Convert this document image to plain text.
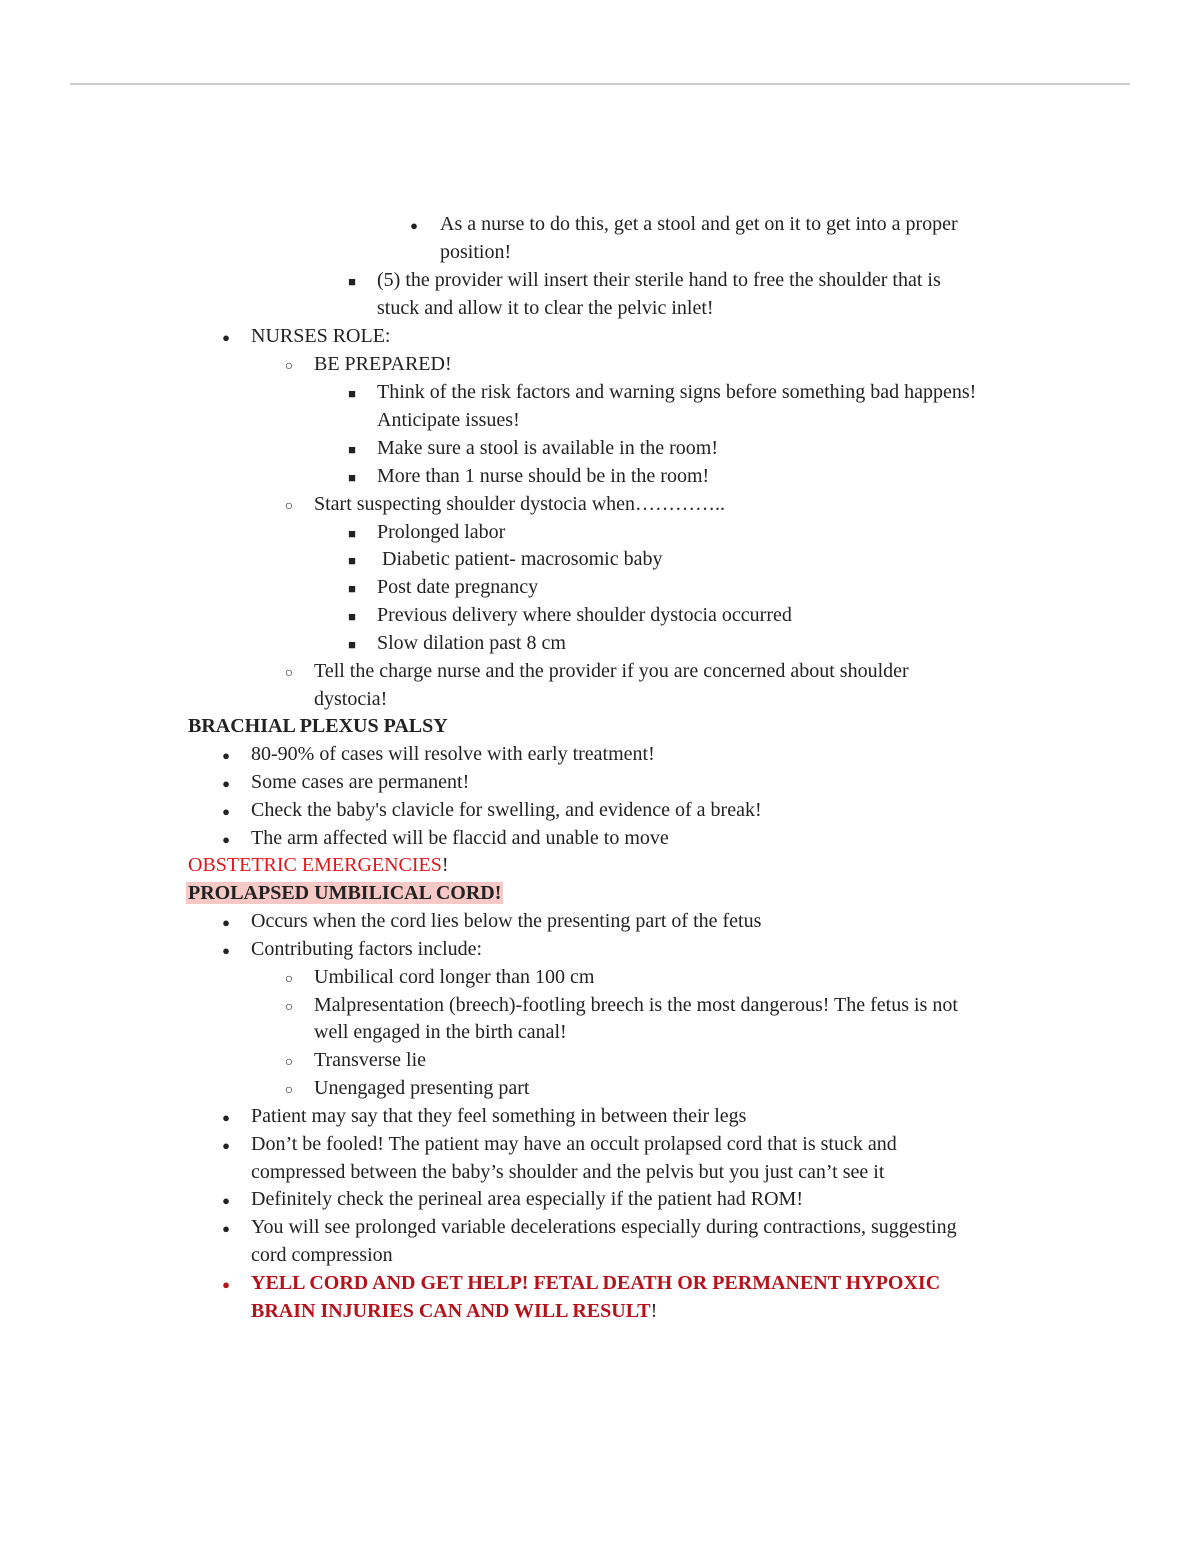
●
As a nurse to do this, get a stool and get on it to get into a proper
position!
■
(5) the provider will insert their sterile hand to free the shoulder that is
stuck and allow it to clear the pelvic inlet!
●
NURSES ROLE:
○
BE PREPARED!
■
Think of the risk factors and warning signs before something bad happens!
Anticipate issues!
■
Make sure a stool is available in the room!
■
More than 1 nurse should be in the room!
○
Start suspecting shoulder dystocia when…………..
■
Prolonged labor
■
Diabetic patient- macrosomic baby
■
Post date pregnancy
■
Previous delivery where shoulder dystocia occurred
■
Slow dilation past 8 cm
○
Tell the charge nurse and the provider if you are concerned about shoulder
dystocia!
BRACHIAL PLEXUS PALSY
●
80-90% of cases will resolve with early treatment!
●
Some cases are permanent!
●
Check the baby's clavicle for swelling, and evidence of a break!
●
The arm affected will be flaccid and unable to move
OBSTETRIC EMERGENCIES!
PROLAPSED UMBILICAL CORD!
●
Occurs when the cord lies below the presenting part of the fetus
●
Contributing factors include:
○
Umbilical cord longer than 100 cm
○
Malpresentation (breech)-footling breech is the most dangerous! The fetus is not
well engaged in the birth canal!
○
Transverse lie
○
Unengaged presenting part
●
Patient may say that they feel something in between their legs
●
Don’t be fooled! The patient may have an occult prolapsed cord that is stuck and
compressed between the baby’s shoulder and the pelvis but you just can’t see it
●
Definitely check the perineal area especially if the patient had ROM!
●
You will see prolonged variable decelerations especially during contractions, suggesting
cord compression
●
YELL CORD AND GET HELP! FETAL DEATH OR PERMANENT HYPOXIC
BRAIN INJURIES CAN AND WILL RESULT!
